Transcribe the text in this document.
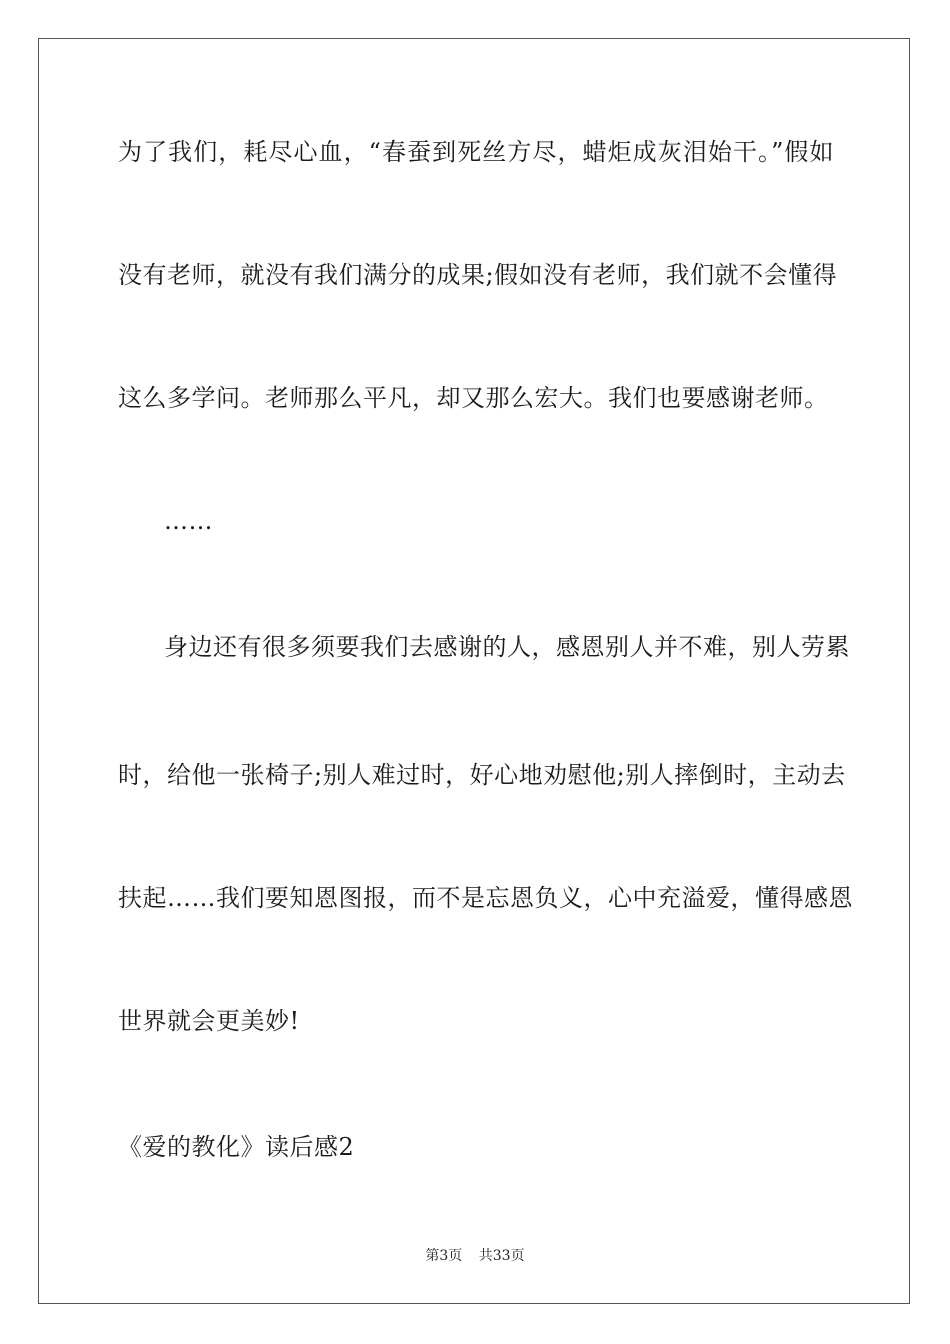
为了我们，耗尽心血，“春蚕到死丝方尽，蜡炬成灰泪始干。”假如
没有老师，就没有我们满分的成果;假如没有老师，我们就不会懂得
这么多学问。老师那么平凡，却又那么宏大。我们也要感谢老师。
……
身边还有很多须要我们去感谢的人，感恩别人并不难，别人劳累
时，给他一张椅子;别人难过时，好心地劝慰他;别人摔倒时，主动去
扶起……我们要知恩图报，而不是忘恩负义，心中充溢爱，懂得感恩
世界就会更美妙!
《爱的教化》读后感2
第3页 共33页
